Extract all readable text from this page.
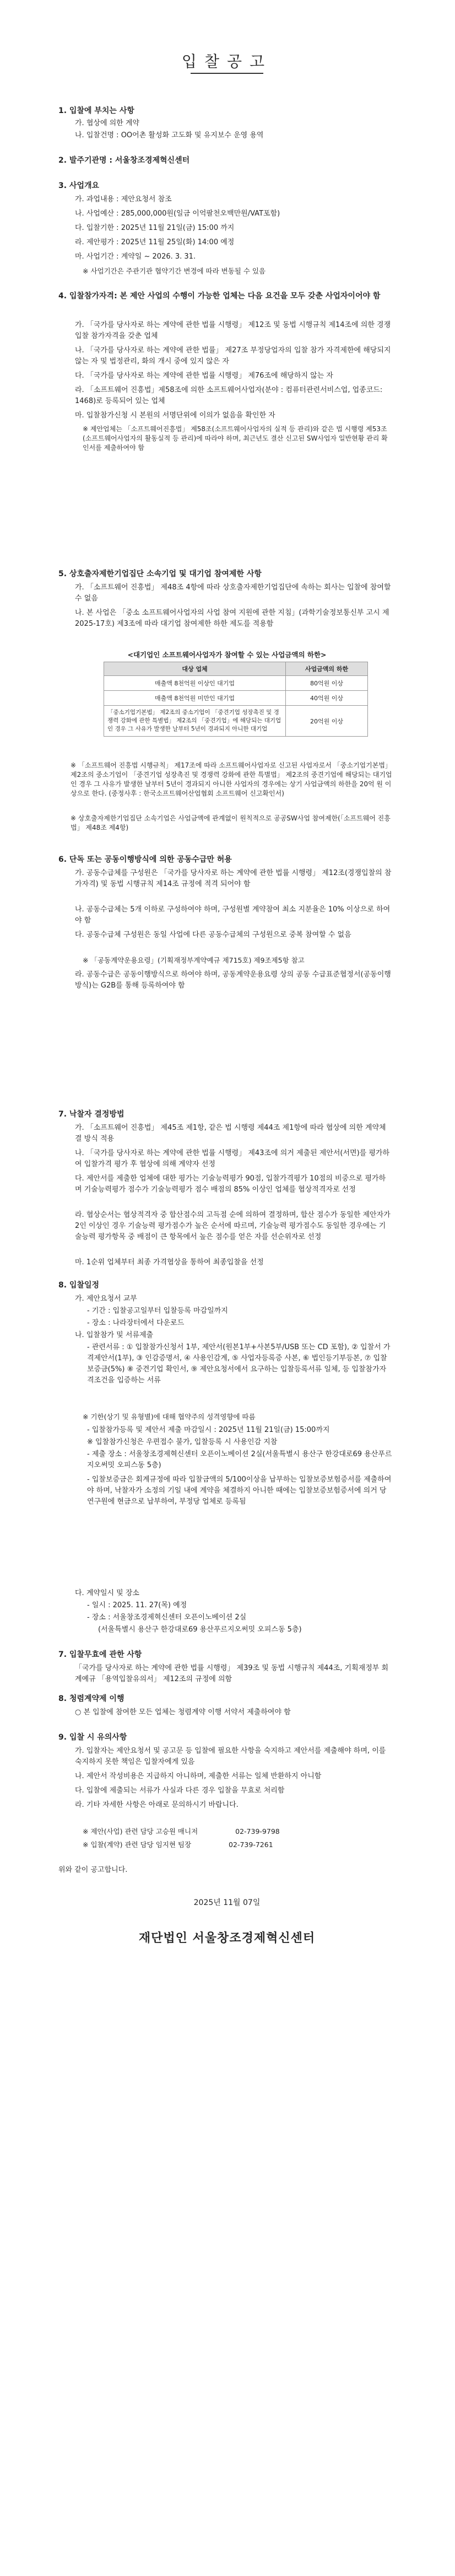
입찰공고
1. 입찰에 부치는 사항
가. 협상에 의한 계약
나. 입찰건명 : OO어촌 활성화 고도화 및 유지보수 운영 용역
2. 발주기관명 : 서울창조경제혁신센터
3. 사업개요
가. 과업내용 : 제안요청서 참조
나. 사업예산 : 285,000,000원(일금 이억팔천오백만원/VAT포함)
다. 입찰기한 : 2025년 11월 21일(금) 15:00 까지
라. 제안평가 : 2025년 11월 25일(화) 14:00 예정
마. 사업기간 : 계약일 ~ 2026. 3. 31.
※ 사업기간은 주관기관 협약기간 변경에 따라 변동될 수 있음
4. 입찰참가자격: 본 제안 사업의 수행이 가능한 업체는 다음 요건을 모두 갖춘 사업자이어야 함
가. 「국가를 당사자로 하는 계약에 관한 법률 시행령」 제12조 및 동법 시행규칙 제14조에 의한 경쟁 입찰 참가자격을 갖춘 업체
나. 「국가를 당사자로 하는 계약에 관한 법률」 제27조 부정당업자의 입찰 참가 자격제한에 해당되지 않는 자 및 법정관리, 화의 개시 중에 있지 않은 자
다. 「국가를 당사자로 하는 계약에 관한 법률 시행령」 제76조에 해당하지 않는 자
라. 「소프트웨어 진흥법」제58조에 의한 소프트웨어사업자(분야 : 컴퓨터관련서비스업, 업종코드: 1468)로 등록되어 있는 업체
마. 입찰참가신청 시 본원의 서명단위에 이의가 없음을 확인한 자
※ 제안업체는 「소프트웨어진흥법」 제58조(소프트웨어사업자의 실적 등 관리)와 같은 법 시행령 제53조(소프트웨어사업자의 활동실적 등 관리)에 따라야 하며, 최근년도 결산 신고된 SW사업자 일반현황 관리 확인서를 제출하여야 함
5. 상호출자제한기업집단 소속기업 및 대기업 참여제한 사항
가. 「소프트웨어 진흥법」 제48조 4항에 따라 상호출자제한기업집단에 속하는 회사는 입찰에 참여할 수 없음
나. 본 사업은 「중소 소프트웨어사업자의 사업 참여 지원에 관한 지침」(과학기술정보통신부 고시 제2025-17호) 제3조에 따라 대기업 참여제한 하한 제도를 적용함
<대기업인 소프트웨어사업자가 참여할 수 있는 사업금액의 하한>
대상 업체	사업금액의 하한
매출액 8천억원 이상인 대기업	80억원 이상
매출액 8천억원 미만인 대기업	40억원 이상
「중소기업기본법」 제2조의 중소기업이 「중견기업 성장촉진 및 경쟁력 강화에 관한 특별법」 제2조의 「중견기업」에 해당되는 대기업인 경우 그 사유가 발생한 날부터 5년이 경과되지 아니한 대기업	20억원 이상
※ 「소프트웨어 진흥법 시행규칙」 제17조에 따라 소프트웨어사업자로 신고된 사업자로서 「중소기업기본법」 제2조의 중소기업이 「중견기업 성장촉진 및 경쟁력 강화에 관한 특별법」 제2조의 중견기업에 해당되는 대기업인 경우 그 사유가 발생한 날부터 5년이 경과되지 아니한 사업자의 경우에는 상기 사업금액의 하한을 20억 원 이상으로 한다. (중정사후 : 한국소프트웨어산업협회 소프트웨어 신고확인서)
※ 상호출자제한기업집단 소속기업은 사업금액에 관계없이 원칙적으로 공공SW사업 참여제한(「소프트웨어 진흥법」 제48조 제4항)
6. 단독 또는 공동이행방식에 의한 공동수급만 허용
가. 공동수급체를 구성원은 「국가를 당사자로 하는 계약에 관한 법률 시행령」 제12조(경쟁입찰의 참가자격) 및 동법 시행규칙 제14조 규정에 적격 되어야 함
나. 공동수급체는 5개 이하로 구성하여야 하며, 구성원별 계약참여 최소 지분율은 10% 이상으로 하여야 함
다. 공동수급체 구성원은 동일 사업에 다른 공동수급체의 구성원으로 중복 참여할 수 없음
※ 「공동계약운용요령」(기획재정부계약예규 제715호) 제9조제5항 참고
라. 공동수급은 공동이행방식으로 하여야 하며, 공동계약운용요령 상의 공동 수급표준협정서(공동이행방식)는 G2B를 통해 등록하여야 함
7. 낙찰자 결정방법
가. 「소프트웨어 진흥법」 제45조 제1항, 같은 법 시행령 제44조 제1항에 따라 협상에 의한 계약체결 방식 적용
나. 「국가를 당사자로 하는 계약에 관한 법률 시행령」 제43조에 의거 제출된 제안서(서면)를 평가하여 입찰가격 평가 후 협상에 의해 계약자 선정
다. 제안서를 제출한 업체에 대한 평가는 기술능력평가 90점, 입찰가격평가 10점의 비중으로 평가하며 기술능력평가 점수가 기술능력평가 점수 배점의 85% 이상인 업체를 협상적격자로 선정
라. 협상순서는 협상적격자 중 합산점수의 고득점 순에 의하여 결정하며, 합산 점수가 동일한 제안자가 2인 이상인 경우 기술능력 평가점수가 높은 순서에 따르며, 기술능력 평가점수도 동일한 경우에는 기술능력 평가항목 중 배점이 큰 항목에서 높은 점수를 얻은 자를 선순위자로 선정
마. 1순위 업체부터 최종 가격협상을 통하여 최종입찰을 선정
8. 입찰일정
가. 제안요청서 교부
- 기간 : 입찰공고일부터 입찰등록 마감일까지
- 장소 : 나라장터에서 다운로드
나. 입찰참가 및 서류제출
- 관련서류 : ① 입찰참가신청서 1부, 제안서(원본1부+사본5부/USB 또는 CD 포함), ② 입찰서 가격제안서(1부), ③ 인감증명서, ④ 사용인감계, ⑤ 사업자등록증 사본, ⑥ 법인등기부등본, ⑦ 입찰보증금(5%) ⑧ 중견기업 확인서, ⑨ 제안요청서에서 요구하는 입찰등록서류 일체, 등 입찰참가자격조건을 입증하는 서류
※ 기한(상기 및 유형별)에 대해 협약주의 성격영향에 따름
- 입찰참가등록 및 제안서 제출 마감일시 : 2025년 11월 21일(금) 15:00까지
※ 입찰참가신청은 우편접수 불가, 입찰등록 시 사용인감 지참
- 제출 장소 : 서울창조경제혁신센터 오픈이노베이션 2실(서울특별시 용산구 한강대로69 용산푸르지오써밋 오피스동 5층)
- 입찰보증금은 회계규정에 따라 입찰금액의 5/100이상을 납부하는 입찰보증보험증서를 제출하여야 하며, 낙찰자가 소정의 기일 내에 계약을 체결하지 아니한 때에는 입찰보증보험증서에 의거 당 연구원에 현금으로 납부하여, 부정당 업체로 등록됨
다. 계약일시 및 장소
- 일시 : 2025. 11. 27(목) 예정
- 장소 : 서울창조경제혁신센터 오픈이노베이션 2실
(서울특별시 용산구 한강대로69 용산푸르지오써밋 오피스동 5층)
7. 입찰무효에 관한 사항
「국가를 당사자로 하는 계약에 관한 법률 시행령」 제39조 및 동법 시행규칙 제44조, 기획재정부 회계예규 「용역입찰유의서」 제12조의 규정에 의함
8. 청렴계약제 이행
○ 본 입찰에 참여한 모든 업체는 청렴계약 이행 서약서 제출하여야 함
9. 입찰 시 유의사항
가. 입찰자는 제안요청서 및 공고문 등 입찰에 필요한 사항을 숙지하고 제안서를 제출해야 하며, 이를 숙지하지 못한 책임은 입찰자에게 있음
나. 제안서 작성비용은 지급하지 아니하며, 제출한 서류는 일체 반환하지 아니함
다. 입찰에 제출되는 서류가 사실과 다른 경우 입찰을 무효로 처리함
라. 기타 자세한 사항은 아래로 문의하시기 바랍니다.
※ 제안(사업) 관련 담당 고승원 매니저	02-739-9798
※ 입찰(계약) 관련 담당 임지현 팀장	02-739-7261
위와 같이 공고합니다.
2025년 11월 07일
재단법인 서울창조경제혁신센터
